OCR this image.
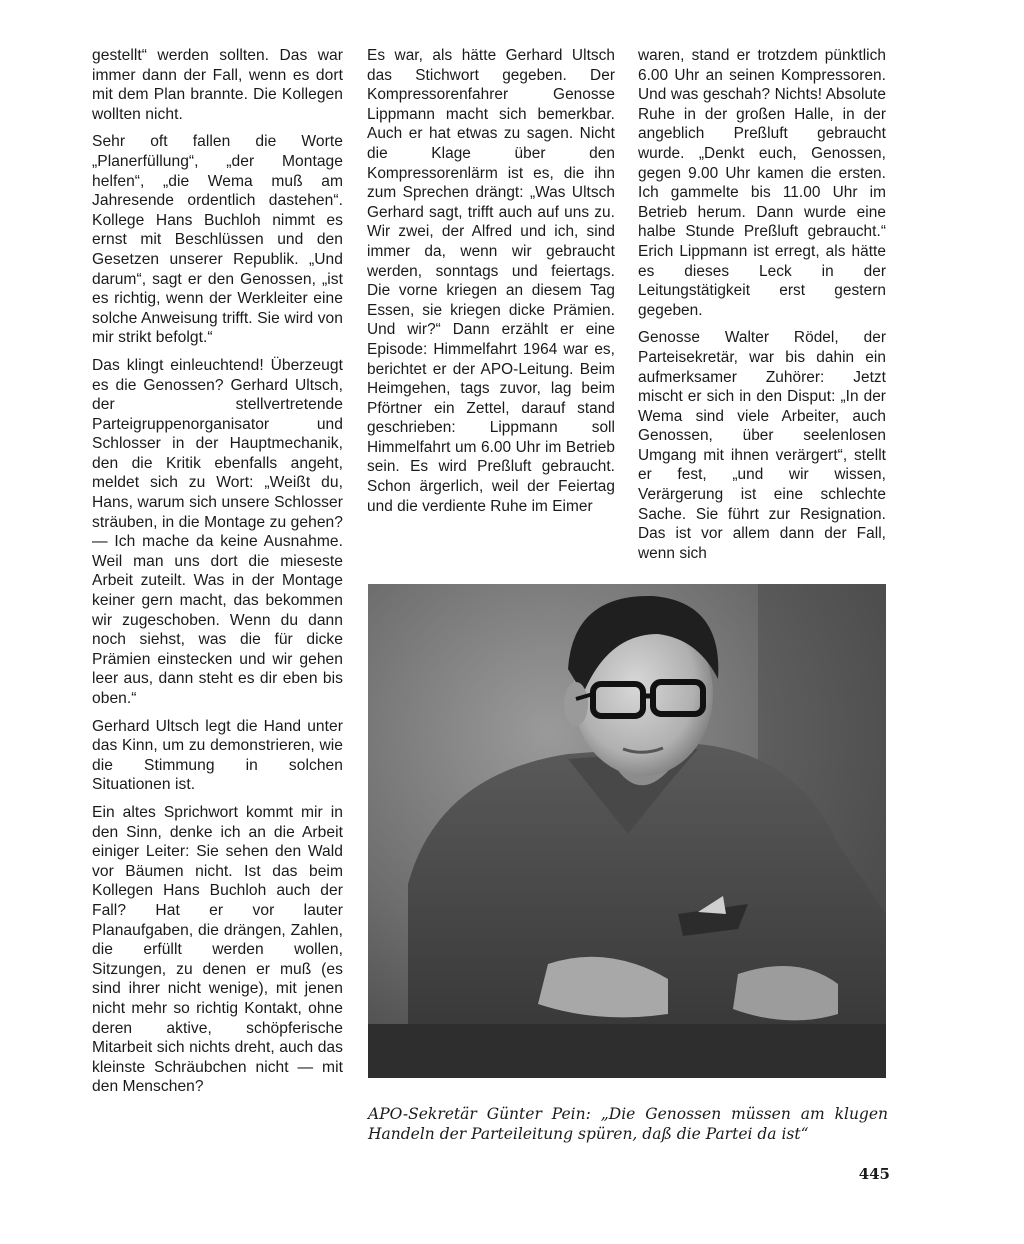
gestellt“ werden sollten. Das war immer dann der Fall, wenn es dort mit dem Plan brannte. Die Kollegen wollten nicht.

Sehr oft fallen die Worte „Planerfüllung“, „der Montage helfen“, „die Wema muß am Jahresende ordentlich dastehen“. Kollege Hans Buchloh nimmt es ernst mit Beschlüssen und den Gesetzen unserer Republik. „Und darum“, sagt er den Genossen, „ist es richtig, wenn der Werkleiter eine solche Anweisung trifft. Sie wird von mir strikt befolgt.“

Das klingt einleuchtend! Überzeugt es die Genossen? Gerhard Ultsch, der stellvertretende Parteigruppenorganisator und Schlosser in der Hauptmechanik, den die Kritik ebenfalls angeht, meldet sich zu Wort: „Weißt du, Hans, warum sich unsere Schlosser sträuben, in die Montage zu gehen? — Ich mache da keine Ausnahme. Weil man uns dort die mieseste Arbeit zuteilt. Was in der Montage keiner gern macht, das bekommen wir zugeschoben. Wenn du dann noch siehst, was die für dicke Prämien einstecken und wir gehen leer aus, dann steht es dir eben bis oben.“

Gerhard Ultsch legt die Hand unter das Kinn, um zu demonstrieren, wie die Stimmung in solchen Situationen ist.

Ein altes Sprichwort kommt mir in den Sinn, denke ich an die Arbeit einiger Leiter: Sie sehen den Wald vor Bäumen nicht. Ist das beim Kollegen Hans Buchloh auch der Fall? Hat er vor lauter Planaufgaben, die drängen, Zahlen, die erfüllt werden wollen, Sitzungen, zu denen er muß (es sind ihrer nicht wenige), mit jenen nicht mehr so richtig Kontakt, ohne deren aktive, schöpferische Mitarbeit sich nichts dreht, auch das kleinste Schräubchen nicht — mit den Menschen?

Es war, als hätte Gerhard Ultsch das Stichwort gegeben. Der Kompressorenfahrer Genosse Lippmann macht sich bemerkbar. Auch er hat etwas zu sagen. Nicht die Klage über den Kompressorenlärm ist es, die ihn zum Sprechen drängt: „Was Ultsch Gerhard sagt, trifft auch auf uns zu. Wir zwei, der Alfred und ich, sind immer da, wenn wir gebraucht werden, sonntags und feiertags. Die vorne kriegen an diesem Tag Essen, sie kriegen dicke Prämien. Und wir?“ Dann erzählt er eine Episode: Himmelfahrt 1964 war es, berichtet er der APO-Leitung. Beim Heimgehen, tags zuvor, lag beim Pförtner ein Zettel, darauf stand geschrieben: Lippmann soll Himmelfahrt um 6.00 Uhr im Betrieb sein. Es wird Preßluft gebraucht. Schon ärgerlich, weil der Feiertag und die verdiente Ruhe im Eimer

waren, stand er trotzdem pünktlich 6.00 Uhr an seinen Kompressoren. Und was geschah? Nichts! Absolute Ruhe in der großen Halle, in der angeblich Preßluft gebraucht wurde. „Denkt euch, Genossen, gegen 9.00 Uhr kamen die ersten. Ich gammelte bis 11.00 Uhr im Betrieb herum. Dann wurde eine halbe Stunde Preßluft gebraucht.“ Erich Lippmann ist erregt, als hätte es dieses Leck in der Leitungstätigkeit erst gestern gegeben.

Genosse Walter Rödel, der Parteisekretär, war bis dahin ein aufmerksamer Zuhörer: Jetzt mischt er sich in den Disput: „In der Wema sind viele Arbeiter, auch Genossen, über seelenlosen Umgang mit ihnen verärgert“, stellt er fest, „und wir wissen, Verärgerung ist eine schlechte Sache. Sie führt zur Resignation. Das ist vor allem dann der Fall, wenn sich

APO-Sekretär Günter Pein: „Die Genossen müssen am klugen Handeln der Parteileitung spüren, daß die Partei da ist“
445
